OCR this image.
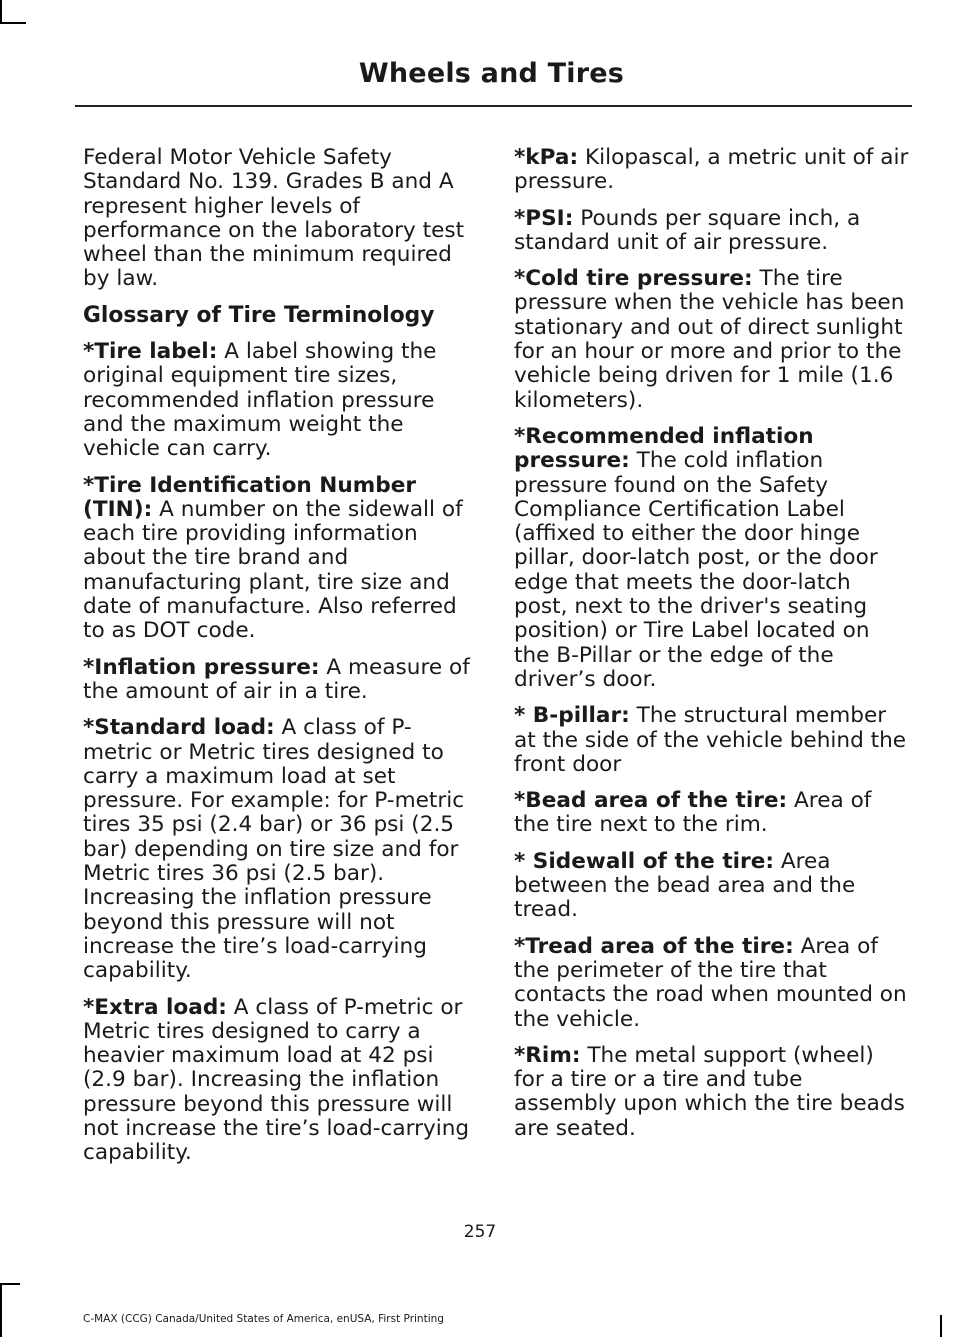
Wheels and Tires
Federal Motor Vehicle Safety Standard No. 139. Grades B and A represent higher levels of performance on the laboratory test wheel than the minimum required by law.
Glossary of Tire Terminology
*Tire label: A label showing the original equipment tire sizes, recommended inflation pressure and the maximum weight the vehicle can carry.
*Tire Identification Number (TIN): A number on the sidewall of each tire providing information about the tire brand and manufacturing plant, tire size and date of manufacture. Also referred to as DOT code.
*Inflation pressure: A measure of the amount of air in a tire.
*Standard load: A class of P-metric or Metric tires designed to carry a maximum load at set pressure. For example: for P-metric tires 35 psi (2.4 bar) or 36 psi (2.5 bar) depending on tire size and for Metric tires 36 psi (2.5 bar). Increasing the inflation pressure beyond this pressure will not increase the tire’s load-carrying capability.
*Extra load: A class of P-metric or Metric tires designed to carry a heavier maximum load at 42 psi (2.9 bar). Increasing the inflation pressure beyond this pressure will not increase the tire’s load-carrying capability.
*kPa: Kilopascal, a metric unit of air pressure.
*PSI: Pounds per square inch, a standard unit of air pressure.
*Cold tire pressure: The tire pressure when the vehicle has been stationary and out of direct sunlight for an hour or more and prior to the vehicle being driven for 1 mile (1.6 kilometers).
*Recommended inflation pressure: The cold inflation pressure found on the Safety Compliance Certification Label (affixed to either the door hinge pillar, door-latch post, or the door edge that meets the door-latch post, next to the driver's seating position) or Tire Label located on the B-Pillar or the edge of the driver’s door.
* B-pillar: The structural member at the side of the vehicle behind the front door
*Bead area of the tire: Area of the tire next to the rim.
* Sidewall of the tire: Area between the bead area and the tread.
*Tread area of the tire: Area of the perimeter of the tire that contacts the road when mounted on the vehicle.
*Rim: The metal support (wheel) for a tire or a tire and tube assembly upon which the tire beads are seated.
257
C-MAX (CCG) Canada/United States of America, enUSA, First Printing
